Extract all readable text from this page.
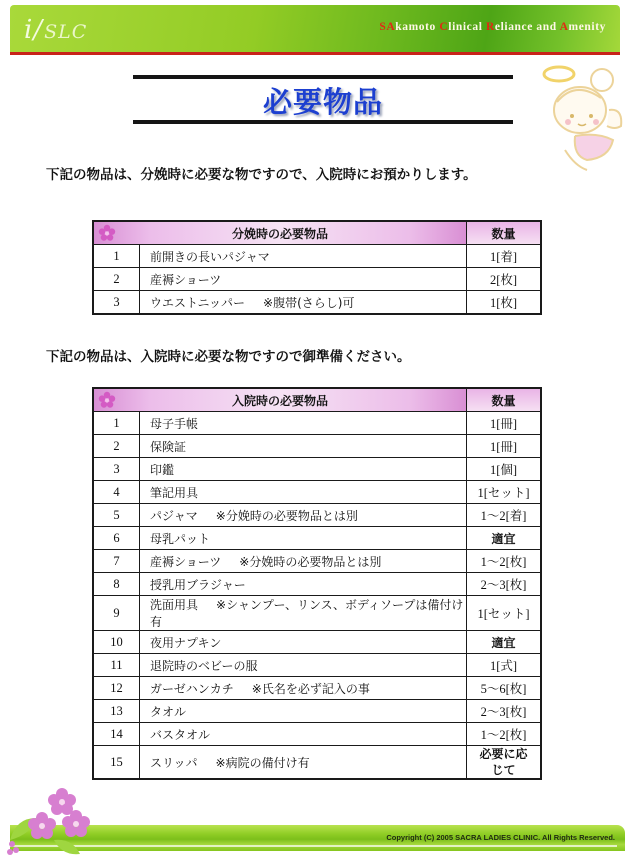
i/SLC	SAkamoto Clinical Reliance and Amenity
必要物品
下記の物品は、分娩時に必要な物ですので、入院時にお預かりします。
分娩時の必要物品		数量
1	前開きの長いパジャマ	1[着]
2	産褥ショーツ	2[枚]
3	ウエストニッパー ※腹帯(さらし)可	1[枚]
下記の物品は、入院時に必要な物ですので御準備ください。
入院時の必要物品		数量
1	母子手帳	1[冊]
2	保険証	1[冊]
3	印鑑	1[個]
4	筆記用具	1[セット]
5	パジャマ ※分娩時の必要物品とは別	1～2[着]
6	母乳パット	適宜
7	産褥ショーツ ※分娩時の必要物品とは別	1～2[枚]
8	授乳用ブラジャー	2～3[枚]
9	洗面用具 ※シャンプー、リンス、ボディソープは備付け有	1[セット]
10	夜用ナプキン	適宜
11	退院時のベビーの服	1[式]
12	ガーゼハンカチ ※氏名を必ず記入の事	5～6[枚]
13	タオル	2～3[枚]
14	バスタオル	1～2[枚]
15	スリッパ ※病院の備付け有	必要に応
じて
Copyright (C) 2005 SACRA LADIES CLINIC. All Rights Reserved.
